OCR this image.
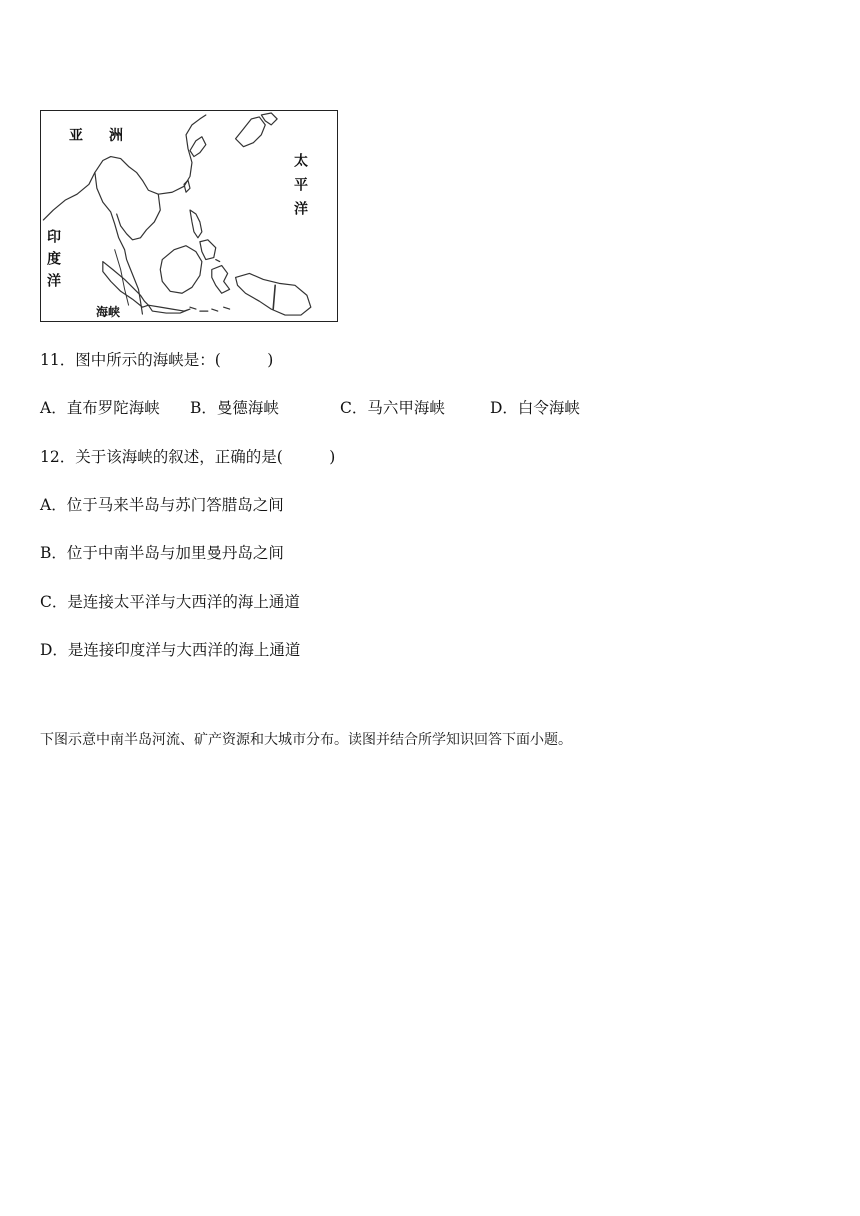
亚　洲
太平洋
印度洋
海峡
11．图中所示的海峡是：(　　　)
A．直布罗陀海峡 B．曼德海峡	C．马六甲海峡	D．白令海峡
12．关于该海峡的叙述，正确的是(　　　)
A．位于马来半岛与苏门答腊岛之间
B．位于中南半岛与加里曼丹岛之间
C．是连接太平洋与大西洋的海上通道
D．是连接印度洋与大西洋的海上通道
下图示意中南半岛河流、矿产资源和大城市分布。读图并结合所学知识回答下面小题。
